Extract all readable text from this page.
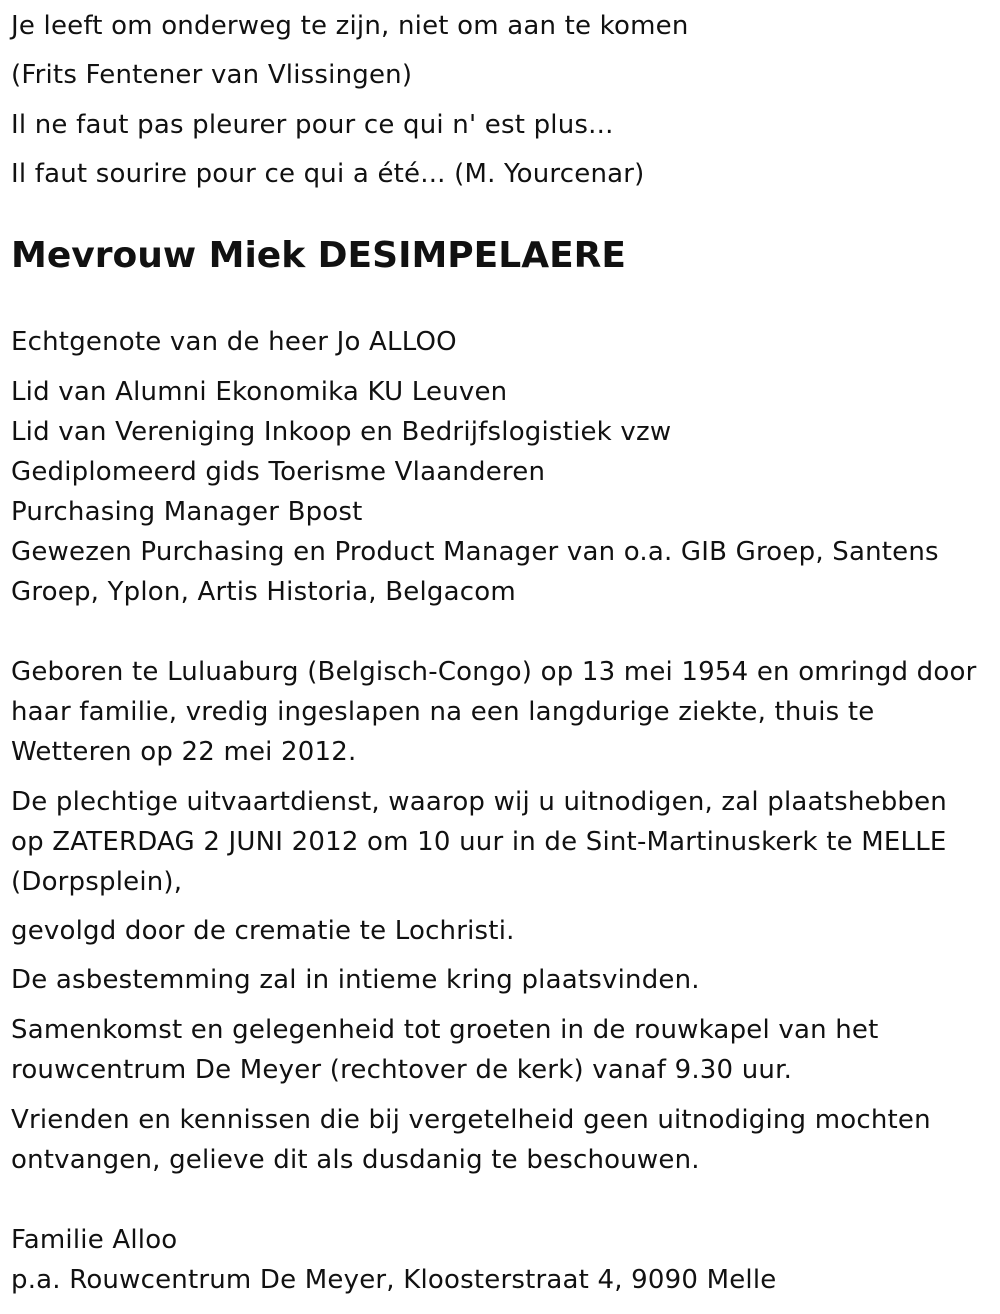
Je leeft om onderweg te zijn, niet om aan te komen
(Frits Fentener van Vlissingen)
Il ne faut pas pleurer pour ce qui n' est plus...
Il faut sourire pour ce qui a été... (M. Yourcenar)
Mevrouw Miek DESIMPELAERE
Echtgenote van de heer Jo ALLOO
Lid van Alumni Ekonomika KU Leuven
Lid van Vereniging Inkoop en Bedrijfslogistiek vzw
Gediplomeerd gids Toerisme Vlaanderen
Purchasing Manager Bpost
Gewezen Purchasing en Product Manager van o.a. GIB Groep, Santens Groep, Yplon, Artis Historia, Belgacom
Geboren te Luluaburg (Belgisch-Congo) op 13 mei 1954 en omringd door haar familie, vredig ingeslapen na een langdurige ziekte, thuis te Wetteren op 22 mei 2012.
De plechtige uitvaartdienst, waarop wij u uitnodigen, zal plaatshebben op ZATERDAG 2 JUNI 2012 om 10 uur in de Sint-Martinuskerk te MELLE (Dorpsplein),
gevolgd door de crematie te Lochristi.
De asbestemming zal in intieme kring plaatsvinden.
Samenkomst en gelegenheid tot groeten in de rouwkapel van het rouwcentrum De Meyer (rechtover de kerk) vanaf 9.30 uur.
Vrienden en kennissen die bij vergetelheid geen uitnodiging mochten ontvangen, gelieve dit als dusdanig te beschouwen.
Familie Alloo
p.a. Rouwcentrum De Meyer, Kloosterstraat 4, 9090 Melle
